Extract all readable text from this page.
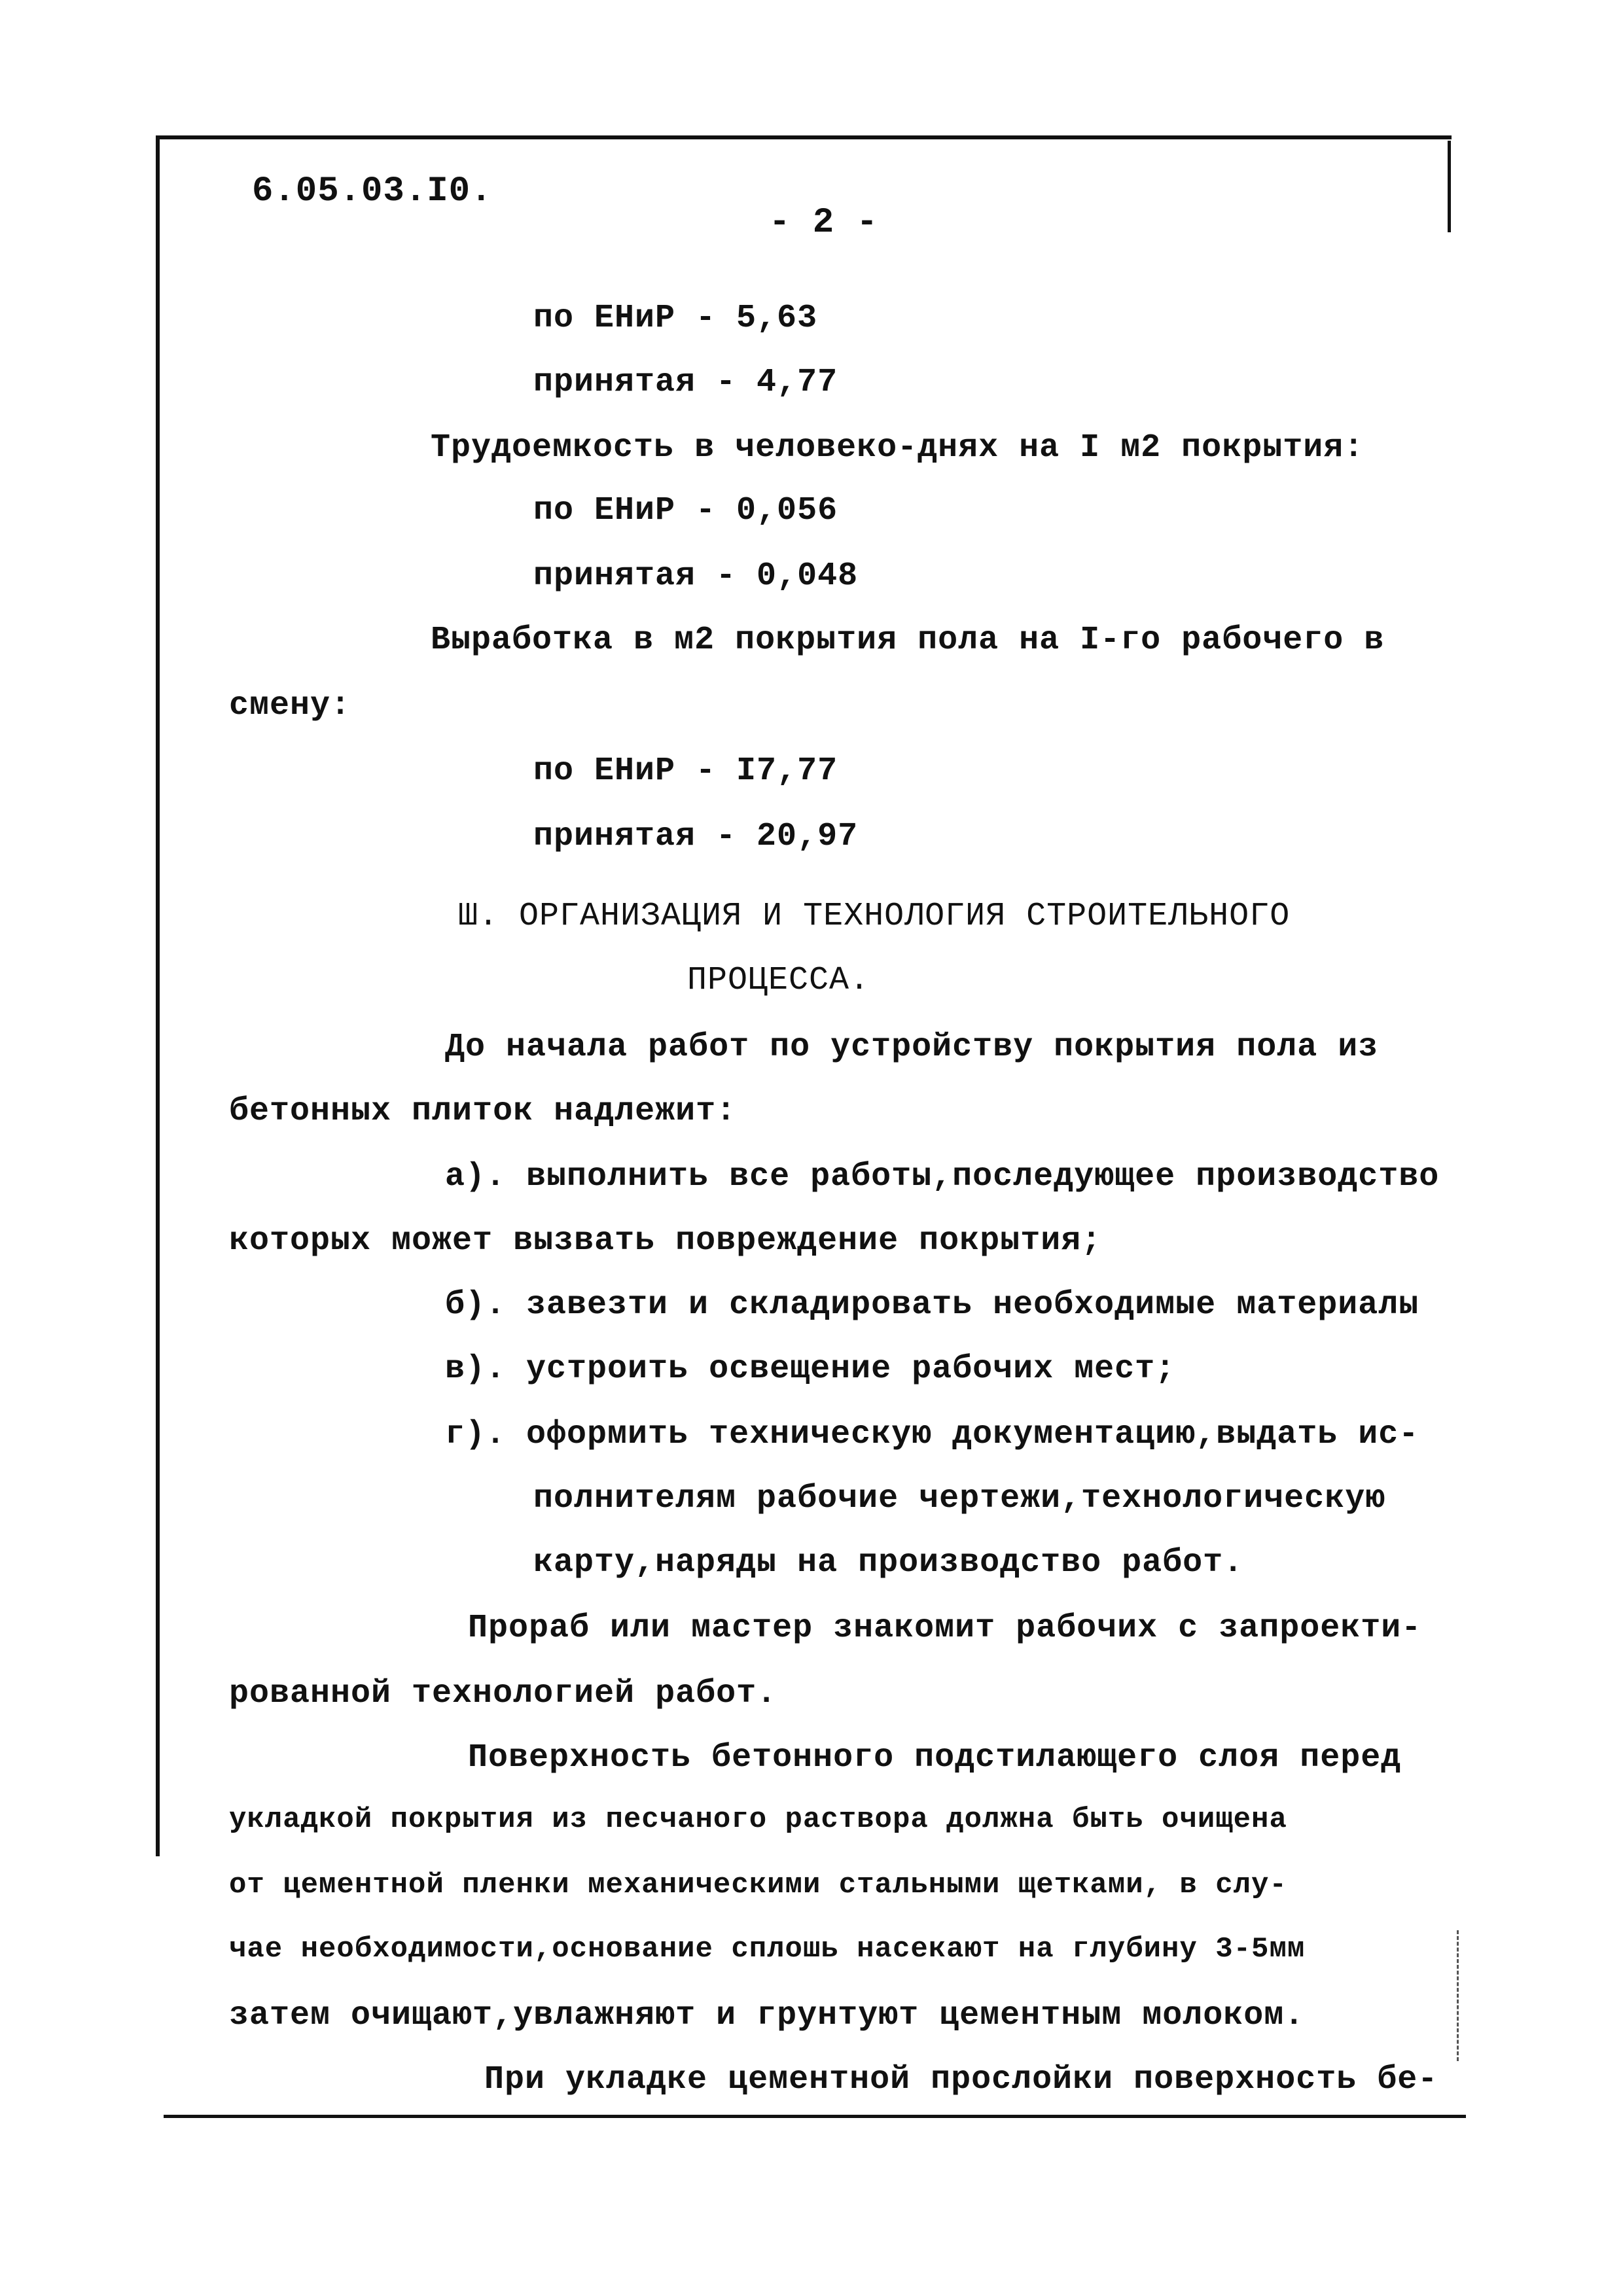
6.05.03.I0.
- 2 -
по ЕНиР - 5,63
принятая - 4,77
Трудоемкость в человеко-днях на I м2 покрытия:
по ЕНиР - 0,056
принятая - 0,048
Выработка в м2 покрытия пола на I-го рабочего в
смену:
по ЕНиР - I7,77
принятая - 20,97
Ш. ОРГАНИЗАЦИЯ И ТЕХНОЛОГИЯ СТРОИТЕЛЬНОГО
ПРОЦЕССА.
До начала работ по устройству покрытия пола из
бетонных плиток надлежит:
а). выполнить все работы,последующее производство
которых может вызвать повреждение покрытия;
б). завезти и складировать необходимые материалы
в). устроить освещение рабочих мест;
г). оформить техническую документацию,выдать ис-
полнителям рабочие чертежи,технологическую
карту,наряды на производство работ.
Прораб или мастер знакомит рабочих с запроекти-
рованной технологией работ.
Поверхность бетонного подстилающего слоя перед
укладкой покрытия из песчаного раствора должна быть очищена
от цементной пленки механическими стальными щетками, в слу-
чае необходимости,основание сплошь насекают на глубину 3-5мм
затем очищают,увлажняют и грунтуют цементным молоком.
При укладке цементной прослойки поверхность бе-
